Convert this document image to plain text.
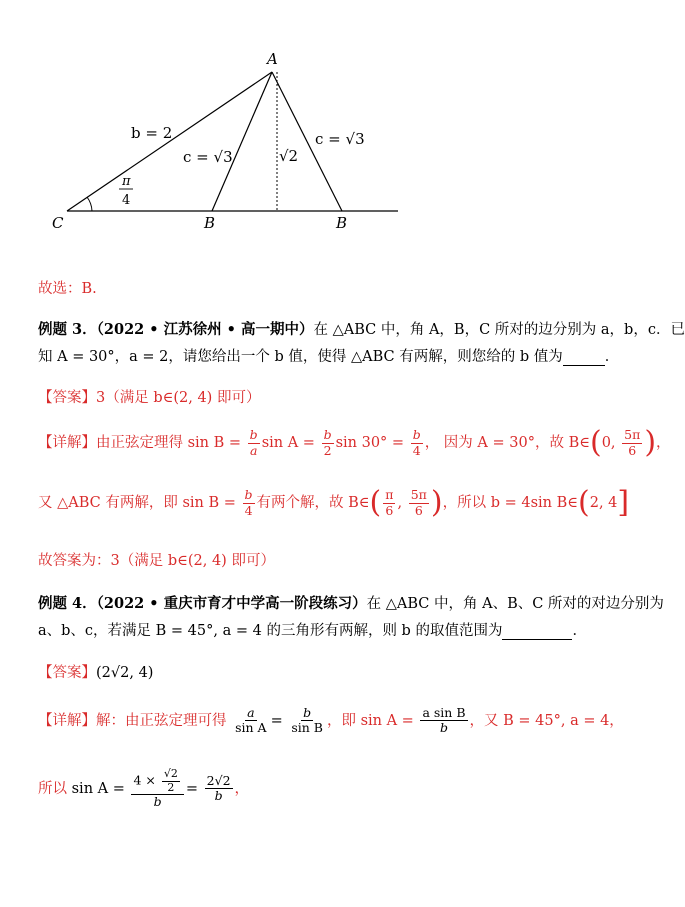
A
C	B	B
b = 2
c = √3	√2
c = √3
π
4
故选：B.
例题 3．（2022 • 江苏徐州 • 高一期中）在 △ABC 中，角 A，B，C 所对的边分别为 a，b，c．已
知 A = 30°，a = 2，请您给出一个 b 值，使得 △ABC 有两解，则您给的 b 值为	．
【答案】3（满足 b∈(2, 4) 即可）
【详解】由正弦定理得 $\sin B = \frac{b}{a}$ $\sin A = \frac{b}{2}$ $\sin 30^\circ = \frac{b}{4}$ ， 因为 A = 30°，故 B∈(0, $\frac{5\pi}{6}$ )，
又 △ABC 有两解，即 $\sin B = \frac{b}{4}$ 有两个解，故 B∈( $\frac{\pi}{6}$ , $\frac{5\pi}{6}$ )，所以 b = 4sin B∈(2, 4]
故答案为：3（满足 b∈(2, 4) 即可）
例题 4．（2022 • 重庆市育才中学高一阶段练习）在 △ABC 中，角 A、B、C 所对的对边分别为
a、b、c，若满足 B = 45°, a = 4 的三角形有两解，则 b 的取值范围为	．
【答案】(2√2, 4)
【详解】解：由正弦定理可得 $\frac{a}{\text{sin A}} = \frac{b}{\text{sin B}}$ ，即 $\sin A = \frac{\text{a sin B}}{b}$ ，又 B = 45°, a = 4，
所以 $\sin A = \frac{4 \times \frac{√2}{2}}{b} = \frac{2√2}{b}$ ，
